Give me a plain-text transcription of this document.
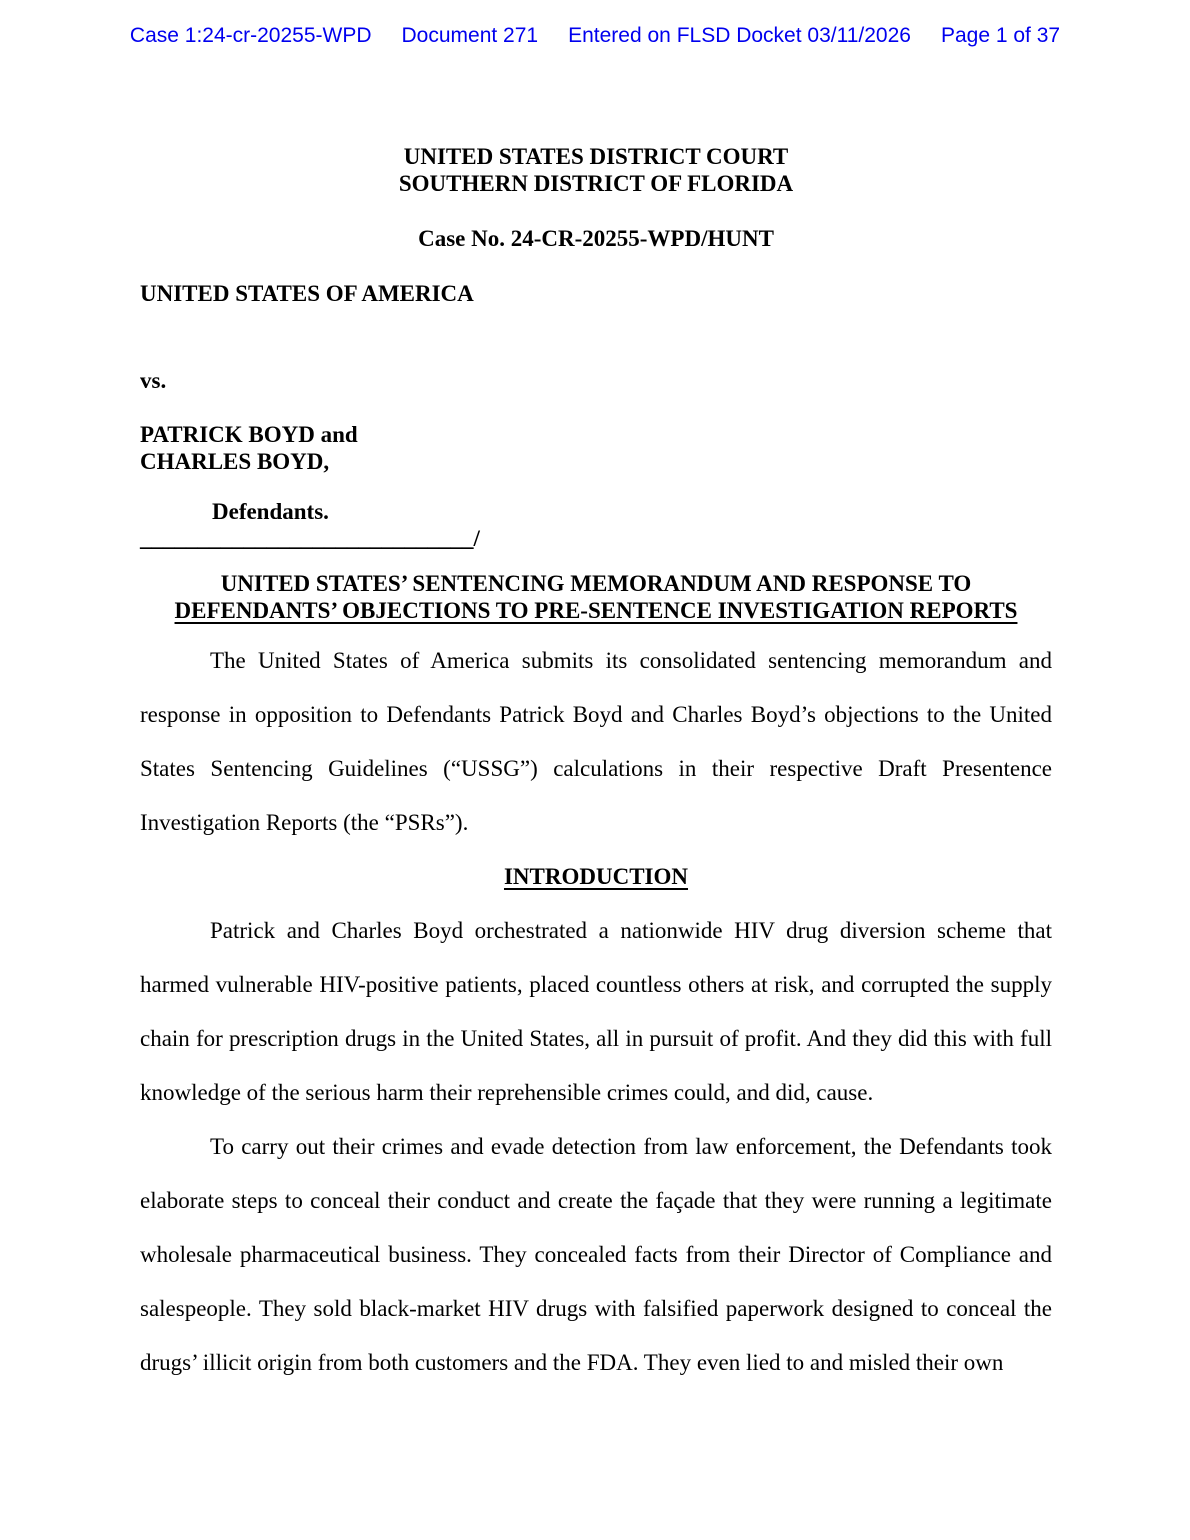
Case 1:24-cr-20255-WPD Document 271 Entered on FLSD Docket 03/11/2026 Page 1 of 37
UNITED STATES DISTRICT COURT
SOUTHERN DISTRICT OF FLORIDA
Case No. 24-CR-20255-WPD/HUNT
UNITED STATES OF AMERICA
vs.
PATRICK BOYD and
CHARLES BOYD,
Defendants.
_____________________________/
UNITED STATES’ SENTENCING MEMORANDUM AND RESPONSE TO
DEFENDANTS’ OBJECTIONS TO PRE-SENTENCE INVESTIGATION REPORTS

The United States of America submits its consolidated sentencing memorandum and response in opposition to Defendants Patrick Boyd and Charles Boyd’s objections to the United States Sentencing Guidelines (“USSG”) calculations in their respective Draft Presentence Investigation Reports (the “PSRs”).

INTRODUCTION

Patrick and Charles Boyd orchestrated a nationwide HIV drug diversion scheme that harmed vulnerable HIV-positive patients, placed countless others at risk, and corrupted the supply chain for prescription drugs in the United States, all in pursuit of profit. And they did this with full knowledge of the serious harm their reprehensible crimes could, and did, cause.

To carry out their crimes and evade detection from law enforcement, the Defendants took elaborate steps to conceal their conduct and create the façade that they were running a legitimate wholesale pharmaceutical business. They concealed facts from their Director of Compliance and salespeople. They sold black-market HIV drugs with falsified paperwork designed to conceal the drugs’ illicit origin from both customers and the FDA. They even lied to and misled their own
